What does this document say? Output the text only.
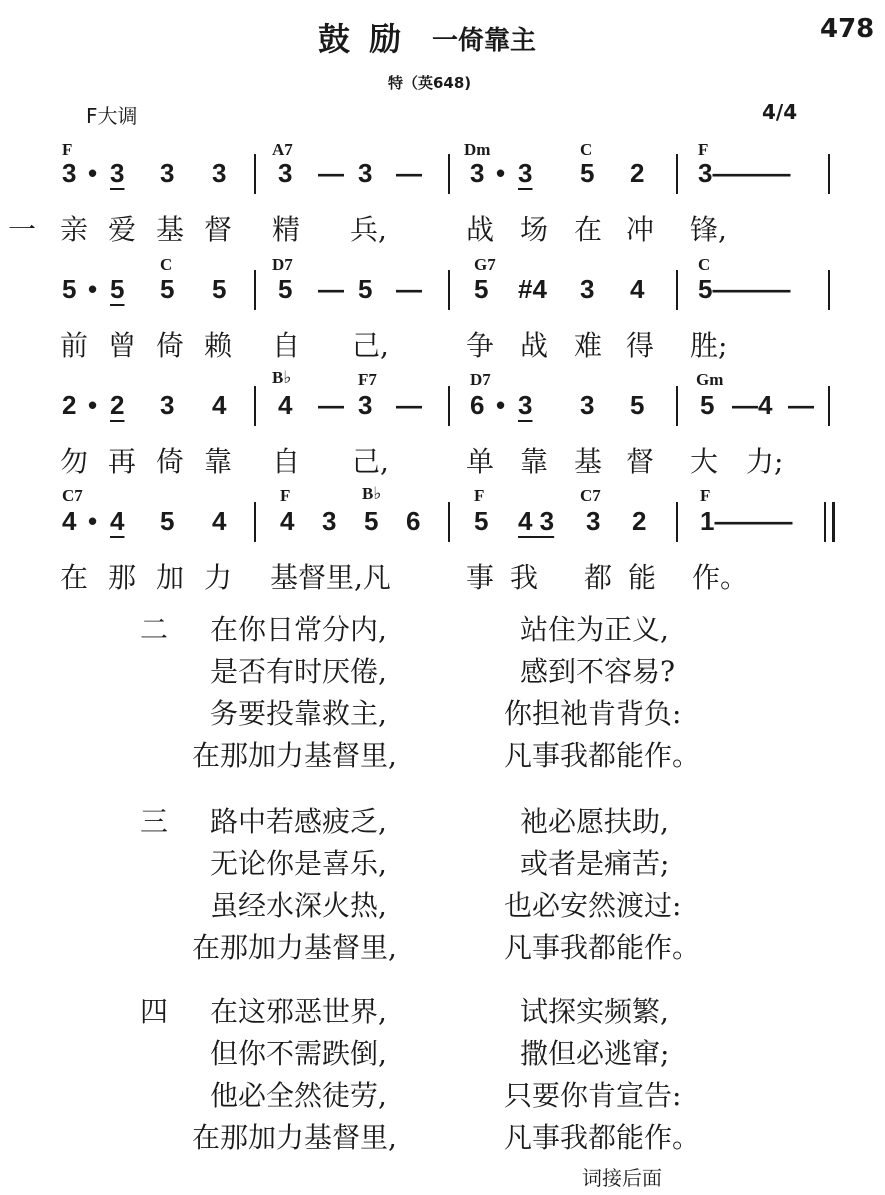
鼓 励 一倚靠主	478
特（英648)
F大调	4/4
F	A7	Dm	C	F
3 • 3 3 3 3 — 3 — 3 • 3 5 2 3———
一 亲 爱 基 督 精 兵,	战 场 在 冲 锋,
C	D7	G7	C
5 • 5 5 5 5 — 5 — 5 #4 3 4 5———
前 曾 倚 赖 自 己,	争 战 难 得 胜;
B♭	F7	D7	Gm
2 • 2 3 4 4 — 3 — 6 • 3 3 5 5 — 4 —
勿 再 倚 靠 自 己,	单 靠 基 督 大 力;
C7	F	B♭	F	C7	F
4 • 4 5 4 4 3 5 6 5 4 3 3 2 1———
在 那 加 力 基督里,凡	事 我 都 能 作。
二 在你日常分内,	站住为正义,
是否有时厌倦,	感到不容易?
务要投靠救主,	你担祂肯背负:
在那加力基督里,	凡事我都能作。
三 路中若感疲乏,	祂必愿扶助,
无论你是喜乐,	或者是痛苦;
虽经水深火热,	也必安然渡过:
在那加力基督里,	凡事我都能作。
四 在这邪恶世界,	试探实频繁,
但你不需跌倒,	撒但必逃窜;
他必全然徒劳,	只要你肯宣告:
在那加力基督里,	凡事我都能作。
词接后面
